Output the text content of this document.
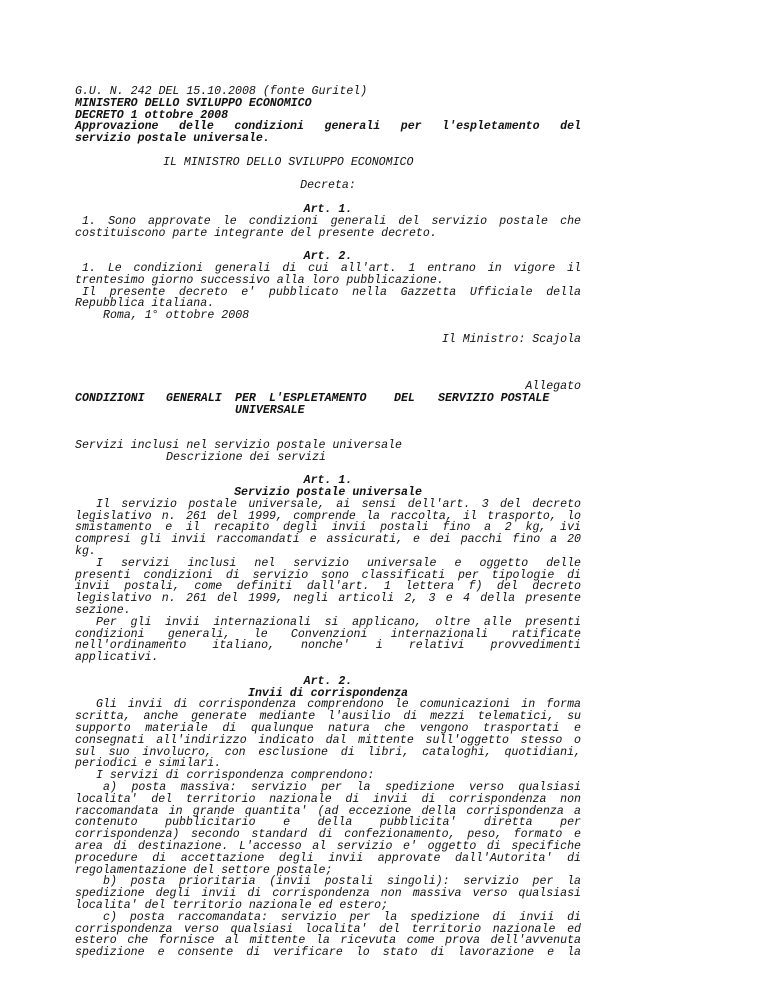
G.U. N. 242 DEL 15.10.2008 (fonte Guritel)
MINISTERO DELLO SVILUPPO ECONOMICO
DECRETO 1 ottobre 2008
Approvazione delle condizioni generali per l'espletamento del
servizio postale universale.
IL MINISTRO DELLO SVILUPPO ECONOMICO
Decreta:
Art. 1.
1. Sono approvate le condizioni generali del servizio postale che
costituiscono parte integrante del presente decreto.
Art. 2.
1. Le condizioni generali di cui all'art. 1 entrano in vigore il
trentesimo giorno successivo alla loro pubblicazione.
Il presente decreto e' pubblicato nella Gazzetta Ufficiale della
Repubblica italiana.
Roma, 1° ottobre 2008
Il Ministro: Scajola
Allegato
CONDIZIONI	GENERALI	PER	L'ESPLETAMENTO	DEL	SERVIZIO POSTALE
UNIVERSALE
Servizi inclusi nel servizio postale universale
Descrizione dei servizi
Art. 1.
Servizio postale universale
Il servizio postale universale, ai sensi dell'art. 3 del decreto
legislativo n. 261 del 1999, comprende la raccolta, il trasporto, lo
smistamento e il recapito degli invii postali fino a 2 kg, ivi
compresi gli invii raccomandati e assicurati, e dei pacchi fino a 20
kg.
I servizi inclusi nel servizio universale e oggetto delle
presenti condizioni di servizio sono classificati per tipologie di
invii postali, come definiti dall'art. 1 lettera f) del decreto
legislativo n. 261 del 1999, negli articoli 2, 3 e 4 della presente
sezione.
Per gli invii internazionali si applicano, oltre alle presenti
condizioni generali, le Convenzioni internazionali ratificate
nell'ordinamento italiano, nonche' i relativi provvedimenti
applicativi.
Art. 2.
Invii di corrispondenza
Gli invii di corrispondenza comprendono le comunicazioni in forma
scritta, anche generate mediante l'ausilio di mezzi telematici, su
supporto materiale di qualunque natura che vengono trasportati e
consegnati all'indirizzo indicato dal mittente sull'oggetto stesso o
sul suo involucro, con esclusione di libri, cataloghi, quotidiani,
periodici e similari.
I servizi di corrispondenza comprendono:
a) posta massiva: servizio per la spedizione verso qualsiasi
localita' del territorio nazionale di invii di corrispondenza non
raccomandata in grande quantita' (ad eccezione della corrispondenza a
contenuto pubblicitario e della pubblicita' diretta per
corrispondenza) secondo standard di confezionamento, peso, formato e
area di destinazione. L'accesso al servizio e' oggetto di specifiche
procedure di accettazione degli invii approvate dall'Autorita' di
regolamentazione del settore postale;
b) posta prioritaria (invii postali singoli): servizio per la
spedizione degli invii di corrispondenza non massiva verso qualsiasi
localita' del territorio nazionale ed estero;
c) posta raccomandata: servizio per la spedizione di invii di
corrispondenza verso qualsiasi localita' del territorio nazionale ed
estero che fornisce al mittente la ricevuta come prova dell'avvenuta
spedizione e consente di verificare lo stato di lavorazione e la
